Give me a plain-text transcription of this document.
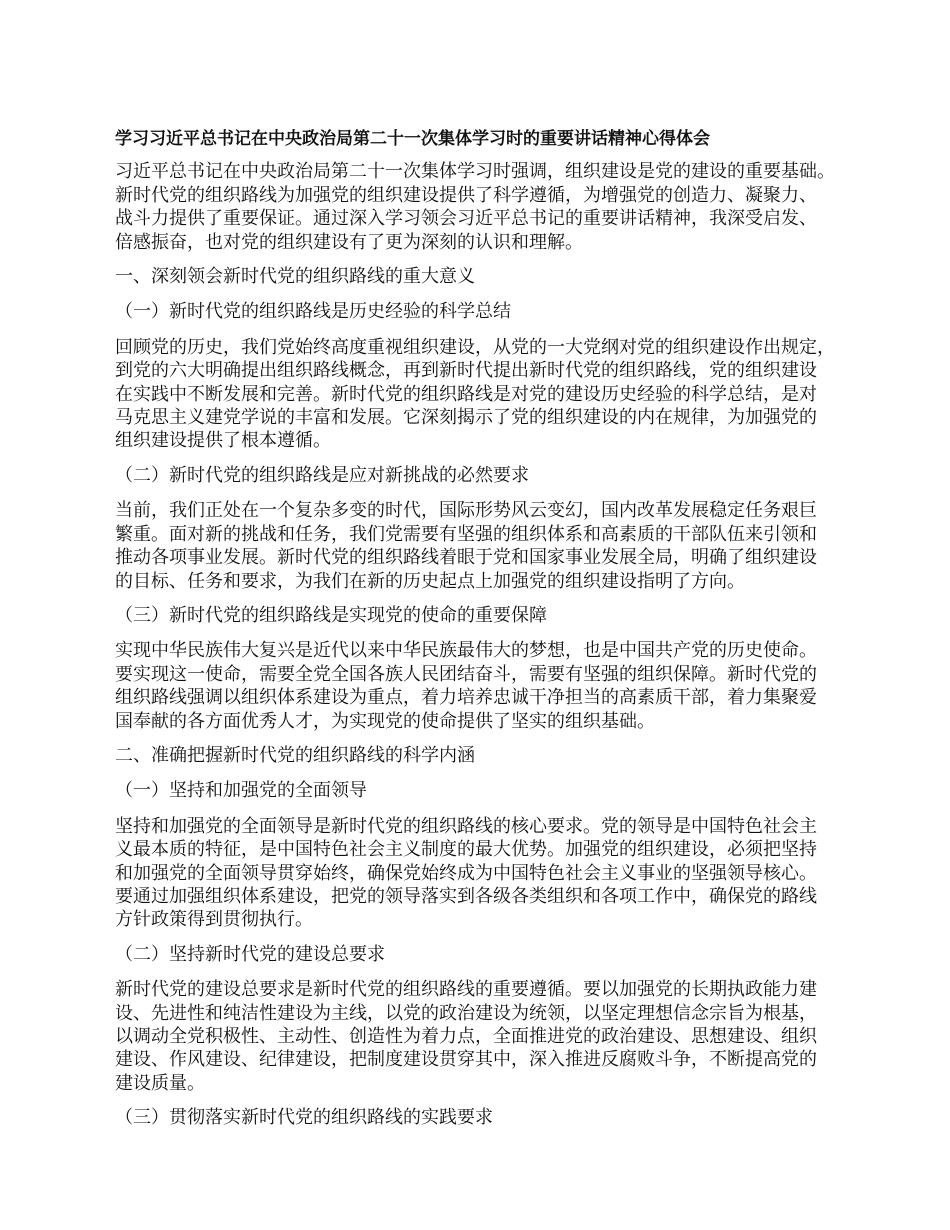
学习习近平总书记在中央政治局第二十一次集体学习时的重要讲话精神心得体会
习近平总书记在中央政治局第二十一次集体学习时强调，组织建设是党的建设的重要基础。
新时代党的组织路线为加强党的组织建设提供了科学遵循，为增强党的创造力、凝聚力、
战斗力提供了重要保证。通过深入学习领会习近平总书记的重要讲话精神，我深受启发、
倍感振奋，也对党的组织建设有了更为深刻的认识和理解。
一、深刻领会新时代党的组织路线的重大意义
（一）新时代党的组织路线是历史经验的科学总结
回顾党的历史，我们党始终高度重视组织建设，从党的一大党纲对党的组织建设作出规定，
到党的六大明确提出组织路线概念，再到新时代提出新时代党的组织路线，党的组织建设
在实践中不断发展和完善。新时代党的组织路线是对党的建设历史经验的科学总结，是对
马克思主义建党学说的丰富和发展。它深刻揭示了党的组织建设的内在规律，为加强党的
组织建设提供了根本遵循。
（二）新时代党的组织路线是应对新挑战的必然要求
当前，我们正处在一个复杂多变的时代，国际形势风云变幻，国内改革发展稳定任务艰巨
繁重。面对新的挑战和任务，我们党需要有坚强的组织体系和高素质的干部队伍来引领和
推动各项事业发展。新时代党的组织路线着眼于党和国家事业发展全局，明确了组织建设
的目标、任务和要求，为我们在新的历史起点上加强党的组织建设指明了方向。
（三）新时代党的组织路线是实现党的使命的重要保障
实现中华民族伟大复兴是近代以来中华民族最伟大的梦想，也是中国共产党的历史使命。
要实现这一使命，需要全党全国各族人民团结奋斗，需要有坚强的组织保障。新时代党的
组织路线强调以组织体系建设为重点，着力培养忠诚干净担当的高素质干部，着力集聚爱
国奉献的各方面优秀人才，为实现党的使命提供了坚实的组织基础。
二、准确把握新时代党的组织路线的科学内涵
（一）坚持和加强党的全面领导
坚持和加强党的全面领导是新时代党的组织路线的核心要求。党的领导是中国特色社会主
义最本质的特征，是中国特色社会主义制度的最大优势。加强党的组织建设，必须把坚持
和加强党的全面领导贯穿始终，确保党始终成为中国特色社会主义事业的坚强领导核心。
要通过加强组织体系建设，把党的领导落实到各级各类组织和各项工作中，确保党的路线
方针政策得到贯彻执行。
（二）坚持新时代党的建设总要求
新时代党的建设总要求是新时代党的组织路线的重要遵循。要以加强党的长期执政能力建
设、先进性和纯洁性建设为主线，以党的政治建设为统领，以坚定理想信念宗旨为根基，
以调动全党积极性、主动性、创造性为着力点，全面推进党的政治建设、思想建设、组织
建设、作风建设、纪律建设，把制度建设贯穿其中，深入推进反腐败斗争，不断提高党的
建设质量。
（三）贯彻落实新时代党的组织路线的实践要求
